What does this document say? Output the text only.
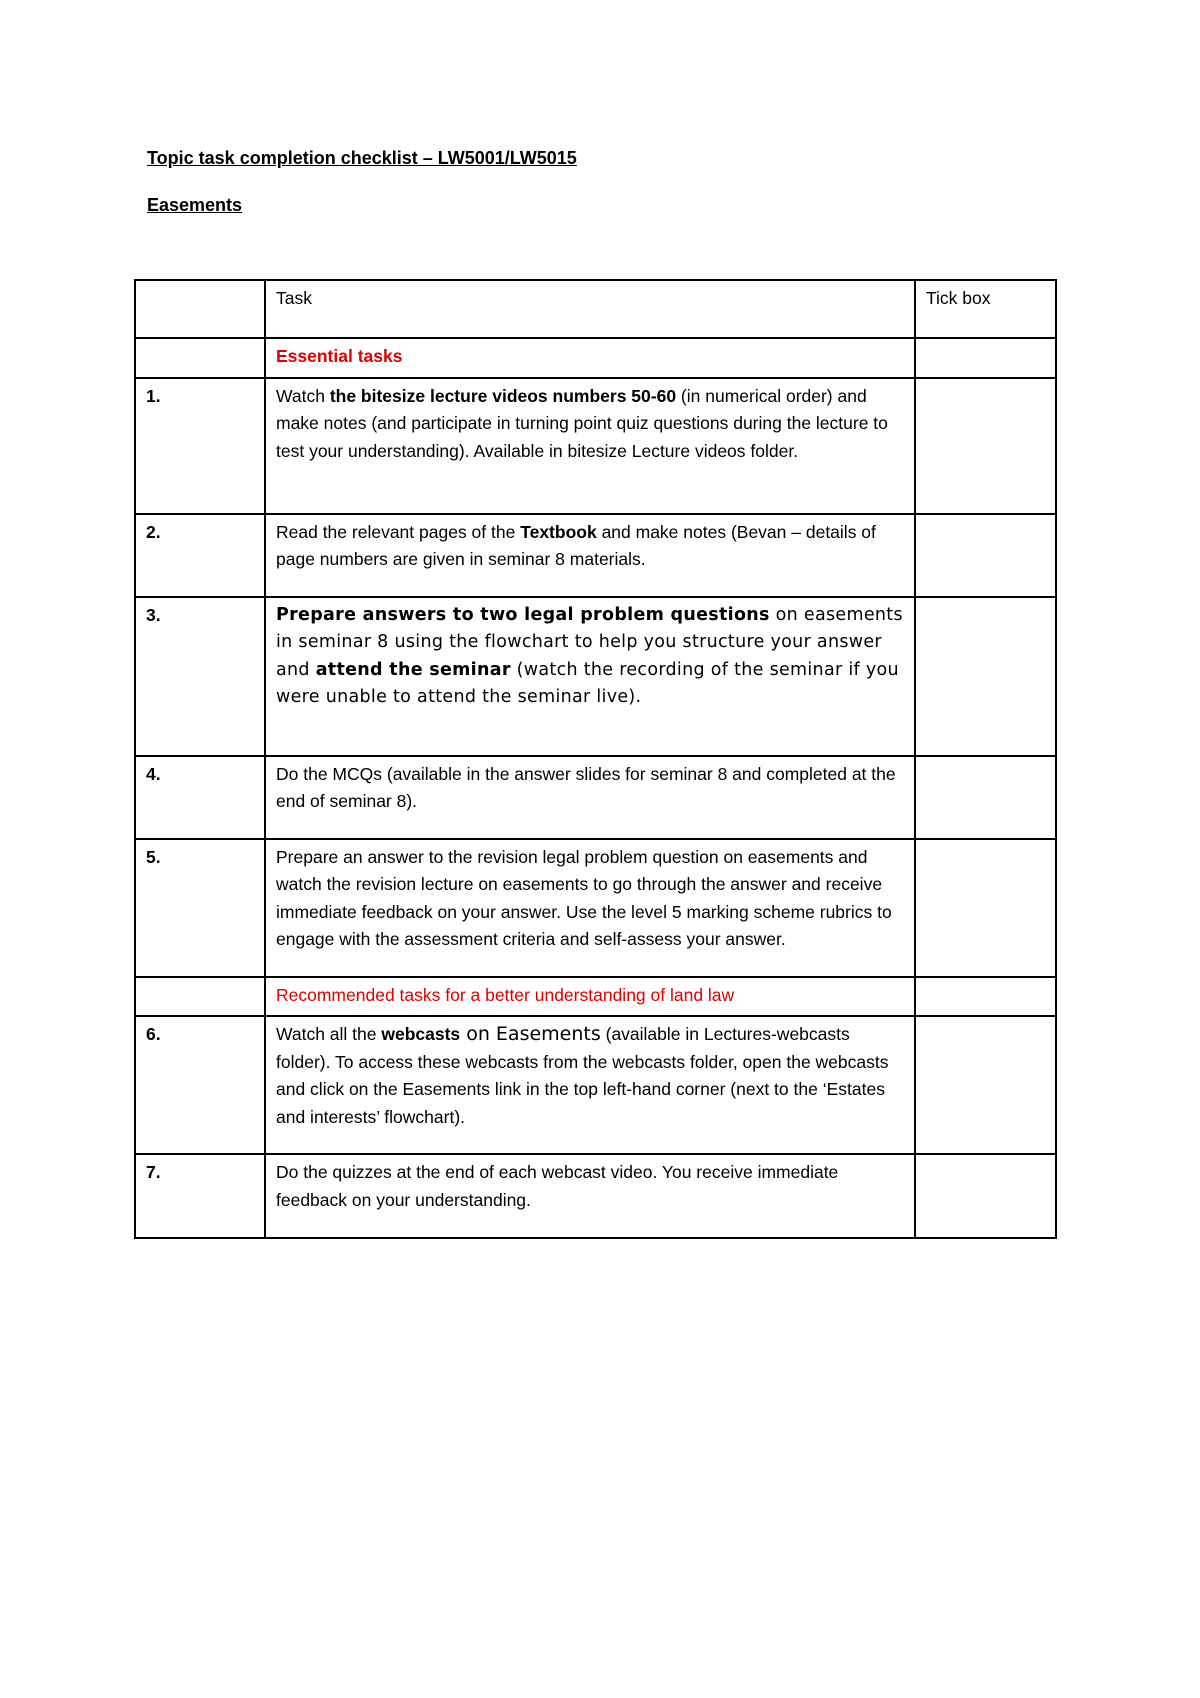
Topic task completion checklist – LW5001/LW5015
Easements
	Task	Tick box
	Essential tasks	
1.	Watch the bitesize lecture videos numbers 50-60 (in numerical order) and make notes (and participate in turning point quiz questions during the lecture to test your understanding). Available in bitesize Lecture videos folder.	
2.	Read the relevant pages of the Textbook and make notes (Bevan – details of page numbers are given in seminar 8 materials.	
3.	Prepare answers to two legal problem questions on easements in seminar 8 using the flowchart to help you structure your answer and attend the seminar (watch the recording of the seminar if you were unable to attend the seminar live).	
4.	Do the MCQs (available in the answer slides for seminar 8 and completed at the end of seminar 8).	
5.	Prepare an answer to the revision legal problem question on easements and watch the revision lecture on easements to go through the answer and receive immediate feedback on your answer. Use the level 5 marking scheme rubrics to engage with the assessment criteria and self-assess your answer.	
	Recommended tasks for a better understanding of land law	
6.	Watch all the webcasts on Easements (available in Lectures-webcasts folder). To access these webcasts from the webcasts folder, open the webcasts and click on the Easements link in the top left-hand corner (next to the ‘Estates and interests’ flowchart).	
7.	Do the quizzes at the end of each webcast video. You receive immediate feedback on your understanding.	
